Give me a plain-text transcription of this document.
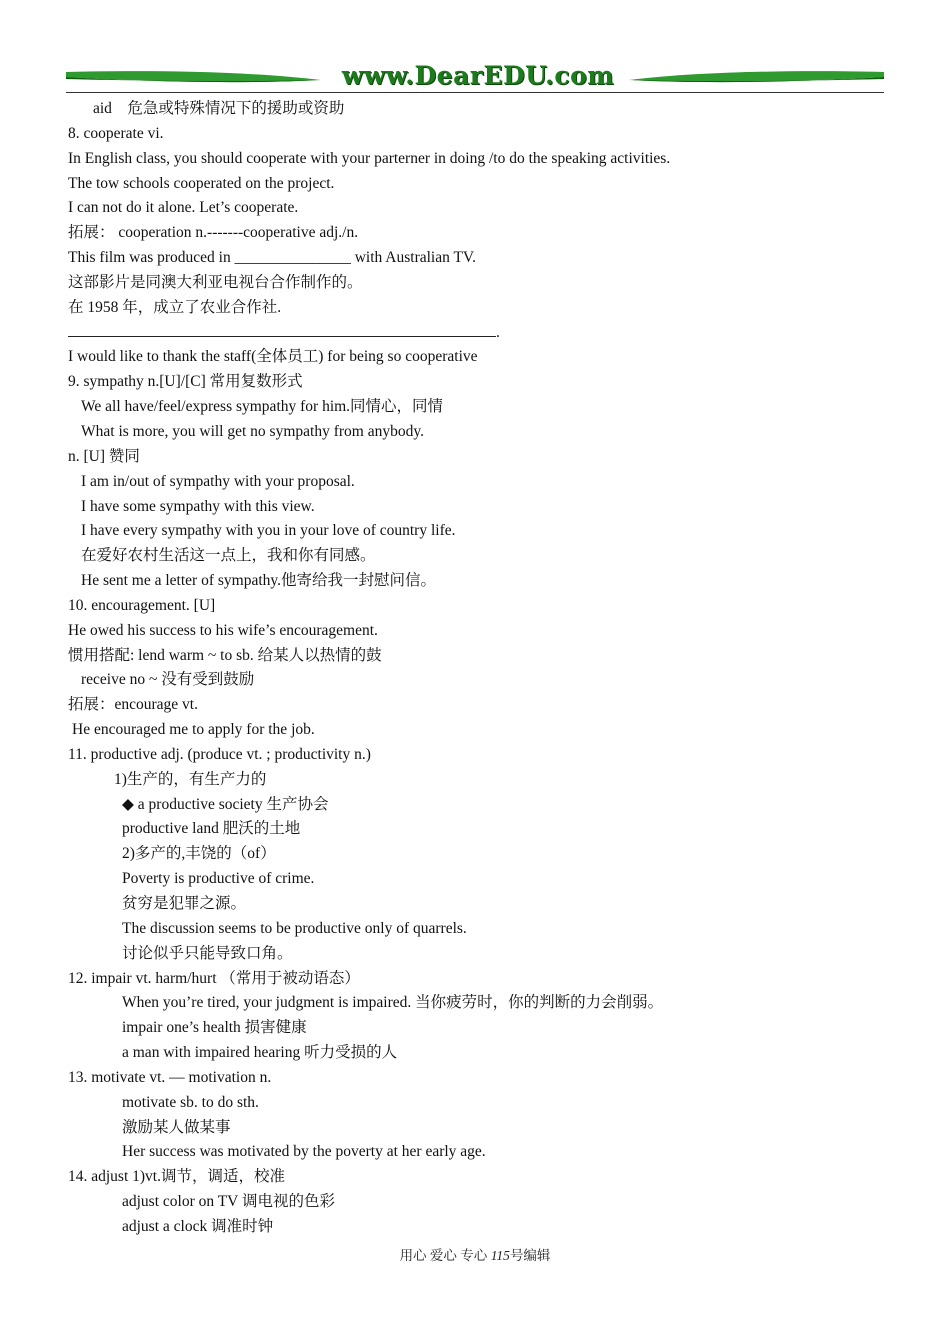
www.DearEDU.com
aid　危急或特殊情况下的援助或资助
8. cooperate vi.
In English class, you should cooperate with your parterner in doing /to do the speaking activities.
The tow schools cooperated on the project.
I can not do it alone. Let’s cooperate.
拓展： cooperation n.-------cooperative adj./n.
This film was produced in _______________ with Australian TV.
这部影片是同澳大利亚电视台合作制作的。
在 1958 年，成立了农业合作社.
.
I would like to thank the staff(全体员工) for being so cooperative
9. sympathy n.[U]/[C] 常用复数形式
We all have/feel/express sympathy for him.同情心，同情
What is more, you will get no sympathy from anybody.
n. [U] 赞同
I am in/out of sympathy with your proposal.
I have some sympathy with this view.
I have every sympathy with you in your love of country life.
在爱好农村生活这一点上，我和你有同感。
He sent me a letter of sympathy.他寄给我一封慰问信。
10. encouragement. [U]
He owed his success to his wife’s encouragement.
惯用搭配: lend warm ~ to sb. 给某人以热情的鼓
receive no ~ 没有受到鼓励
拓展：encourage vt.
He encouraged me to apply for the job.
11. productive adj. (produce vt. ; productivity n.)
1)生产的，有生产力的
◆ a productive society 生产协会
productive land 肥沃的土地
2)多产的,丰饶的（of）
Poverty is productive of crime.
贫穷是犯罪之源。
The discussion seems to be productive only of quarrels.
讨论似乎只能导致口角。
12. impair vt. harm/hurt （常用于被动语态）
When you’re tired, your judgment is impaired. 当你疲劳时，你的判断的力会削弱。
impair one’s health 损害健康
a man with impaired hearing 听力受损的人
13. motivate vt. — motivation n.
motivate sb. to do sth.
激励某人做某事
Her success was motivated by the poverty at her early age.
14. adjust 1)vt.调节，调适，校准
adjust color on TV 调电视的色彩
adjust a clock 调准时钟
用心 爱心 专心 115号编辑
